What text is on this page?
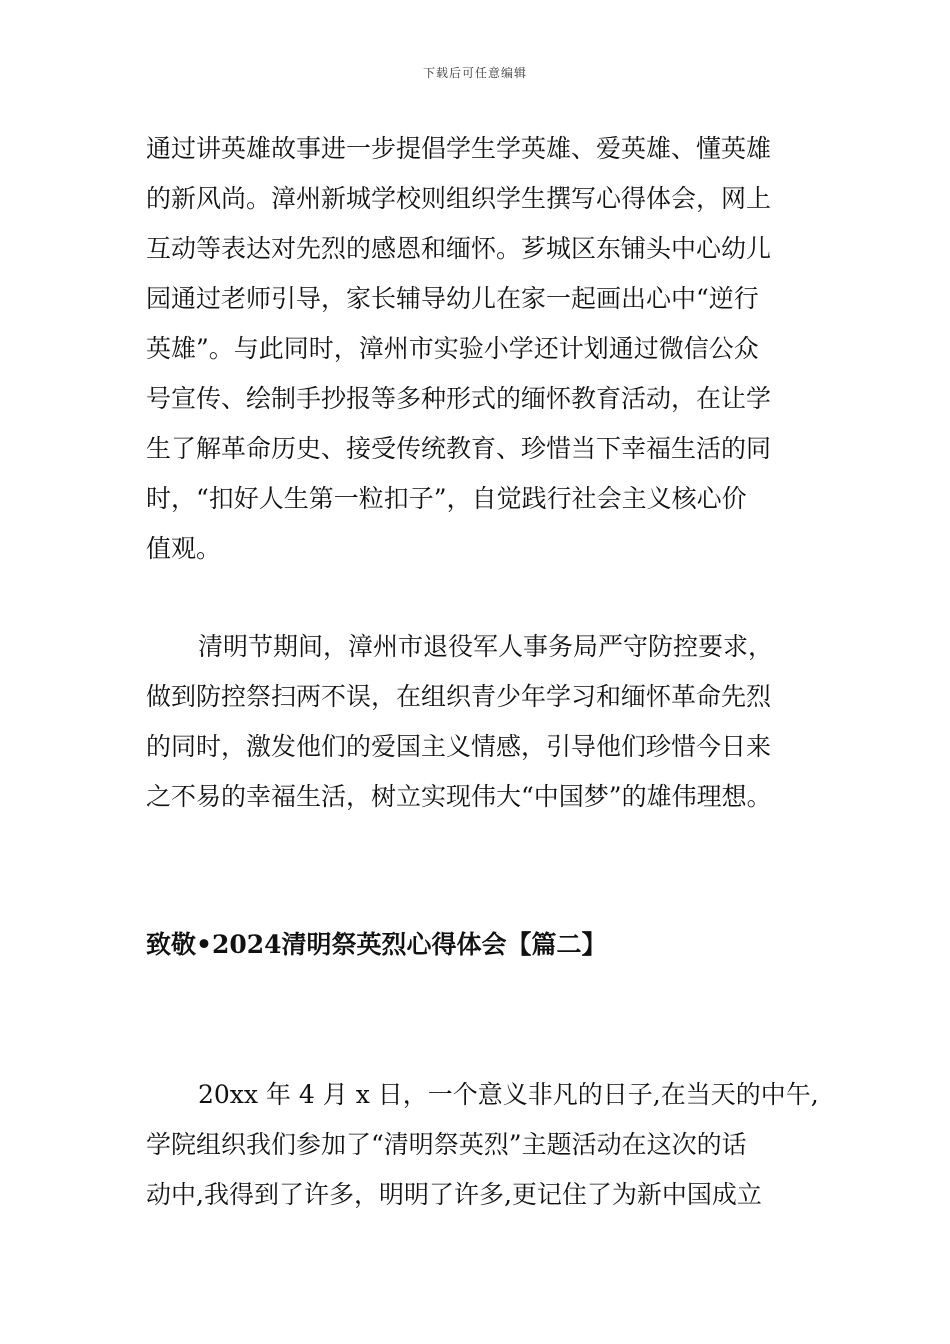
下载后可任意编辑

通过讲英雄故事进一步提倡学生学英雄、爱英雄、懂英雄

的新风尚。漳州新城学校则组织学生撰写心得体会，网上

互动等表达对先烈的感恩和缅怀。芗城区东铺头中心幼儿

园通过老师引导，家长辅导幼儿在家一起画出心中“逆行

英雄”。与此同时，漳州市实验小学还计划通过微信公众

号宣传、绘制手抄报等多种形式的缅怀教育活动，在让学

生了解革命历史、接受传统教育、珍惜当下幸福生活的同

时，“扣好人生第一粒扣子”，自觉践行社会主义核心价

值观。

清明节期间，漳州市退役军人事务局严守防控要求，

做到防控祭扫两不误，在组织青少年学习和缅怀革命先烈

的同时，激发他们的爱国主义情感，引导他们珍惜今日来

之不易的幸福生活，树立实现伟大“中国梦”的雄伟理想。

致敬•2024清明祭英烈心得体会【篇二】

20xx 年 4 月 x 日，一个意义非凡的日子,在当天的中午,

学院组织我们参加了“清明祭英烈”主题活动在这次的话

动中,我得到了许多，明明了许多,更记住了为新中国成立
